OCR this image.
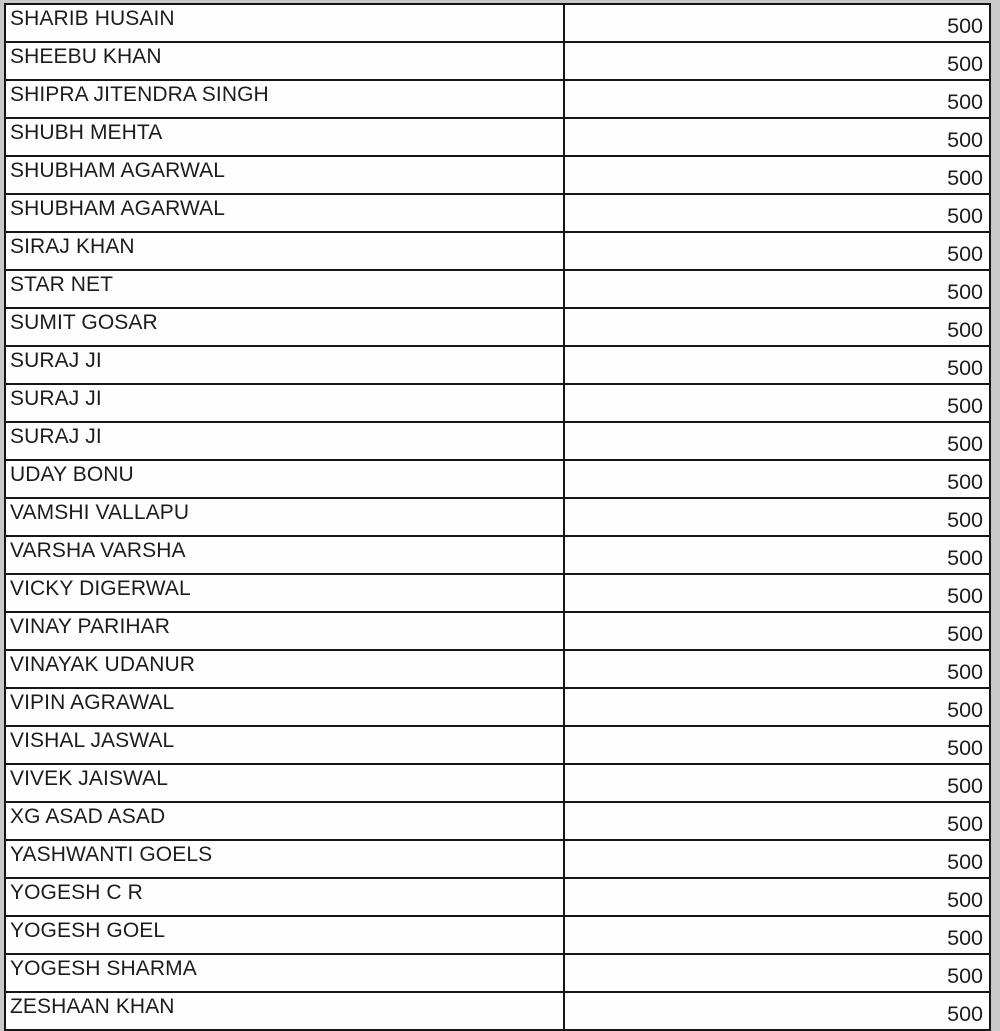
SHARIB HUSAIN	500
SHEEBU KHAN	500
SHIPRA JITENDRA SINGH	500
SHUBH MEHTA	500
SHUBHAM AGARWAL	500
SHUBHAM AGARWAL	500
SIRAJ KHAN	500
STAR NET	500
SUMIT GOSAR	500
SURAJ JI	500
SURAJ JI	500
SURAJ JI	500
UDAY BONU	500
VAMSHI VALLAPU	500
VARSHA VARSHA	500
VICKY DIGERWAL	500
VINAY PARIHAR	500
VINAYAK UDANUR	500
VIPIN AGRAWAL	500
VISHAL JASWAL	500
VIVEK JAISWAL	500
XG ASAD ASAD	500
YASHWANTI GOELS	500
YOGESH C R	500
YOGESH GOEL	500
YOGESH SHARMA	500
ZESHAAN KHAN	500
